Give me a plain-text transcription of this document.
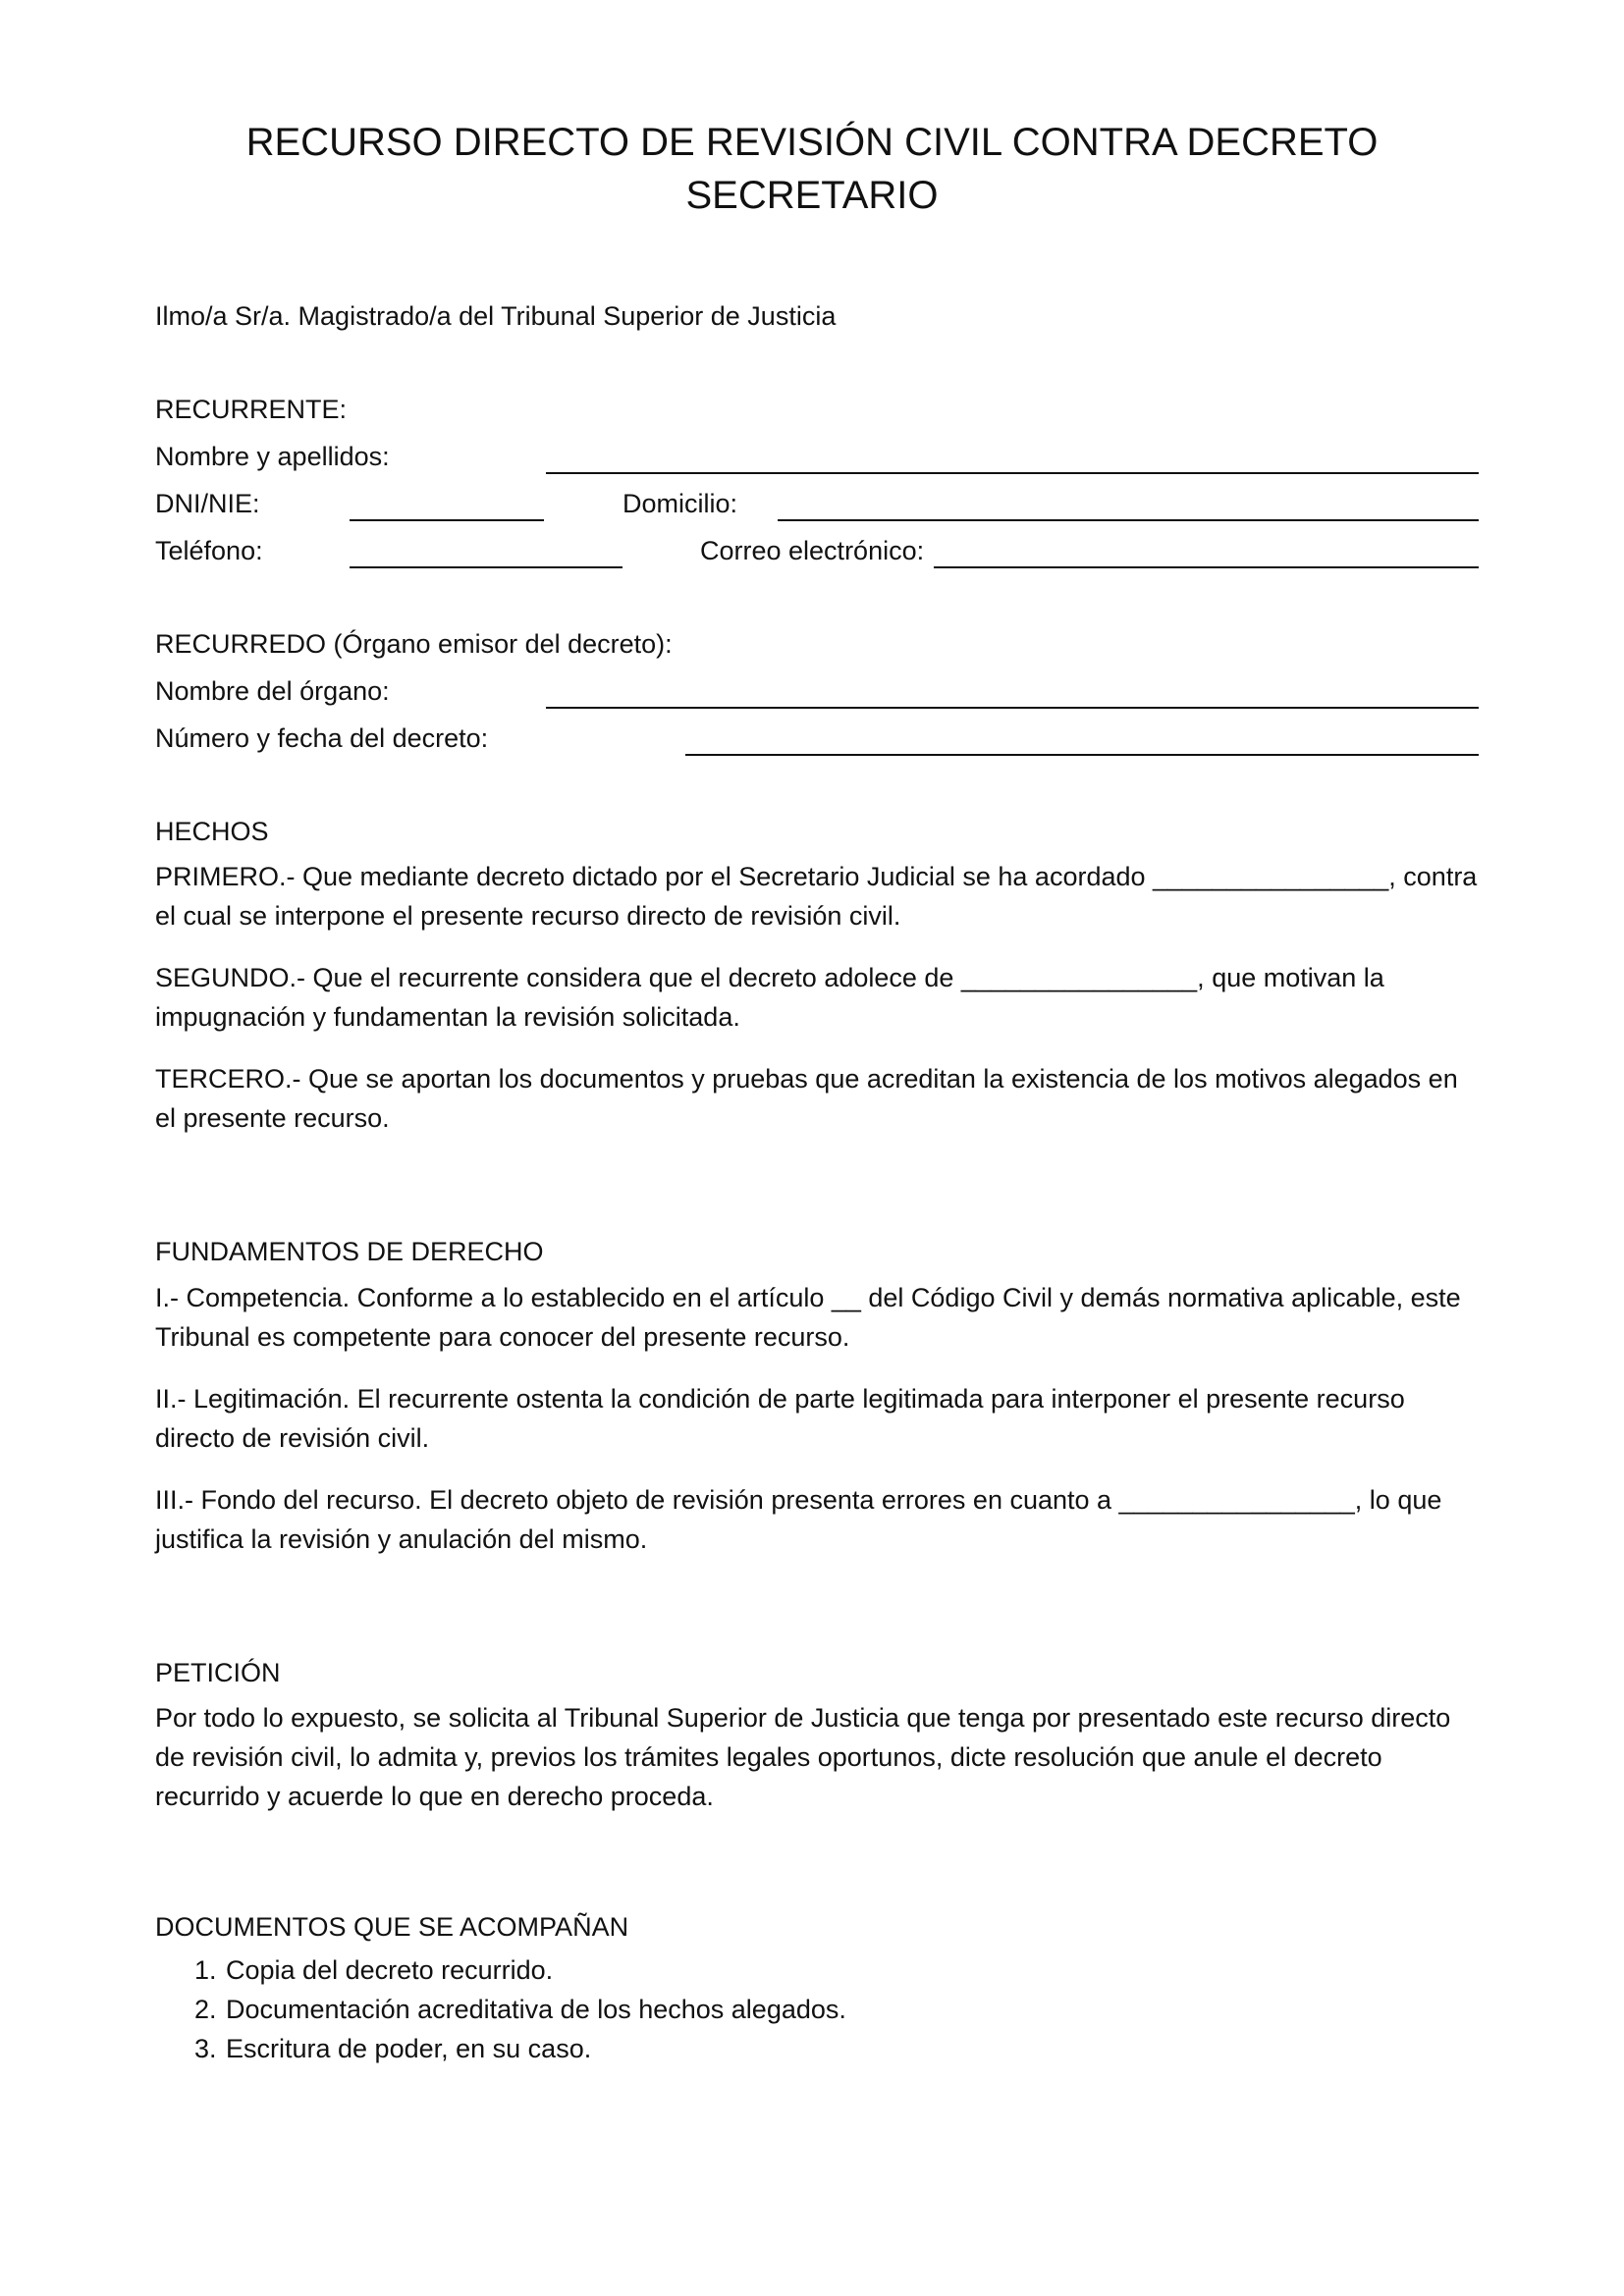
RECURSO DIRECTO DE REVISIÓN CIVIL CONTRA DECRETO
SECRETARIO

Ilmo/a Sr/a. Magistrado/a del Tribunal Superior de Justicia

RECURRENTE:

Nombre y apellidos:

DNI/NIE:	Domicilio:

Teléfono:	Correo electrónico:

RECURREDO (Órgano emisor del decreto):

Nombre del órgano:

Número y fecha del decreto:

HECHOS

PRIMERO.- Que mediante decreto dictado por el Secretario Judicial se ha acordado ________________, contra el cual se interpone el presente recurso directo de revisión civil.

SEGUNDO.- Que el recurrente considera que el decreto adolece de ________________, que motivan la impugnación y fundamentan la revisión solicitada.

TERCERO.- Que se aportan los documentos y pruebas que acreditan la existencia de los motivos alegados en el presente recurso.

FUNDAMENTOS DE DERECHO

I.- Competencia. Conforme a lo establecido en el artículo __ del Código Civil y demás normativa aplicable, este Tribunal es competente para conocer del presente recurso.

II.- Legitimación. El recurrente ostenta la condición de parte legitimada para interponer el presente recurso directo de revisión civil.

III.- Fondo del recurso. El decreto objeto de revisión presenta errores en cuanto a ________________, lo que justifica la revisión y anulación del mismo.

PETICIÓN

Por todo lo expuesto, se solicita al Tribunal Superior de Justicia que tenga por presentado este recurso directo de revisión civil, lo admita y, previos los trámites legales oportunos, dicte resolución que anule el decreto recurrido y acuerde lo que en derecho proceda.

DOCUMENTOS QUE SE ACOMPAÑAN
1. Copia del decreto recurrido.
2. Documentación acreditativa de los hechos alegados.
3. Escritura de poder, en su caso.
